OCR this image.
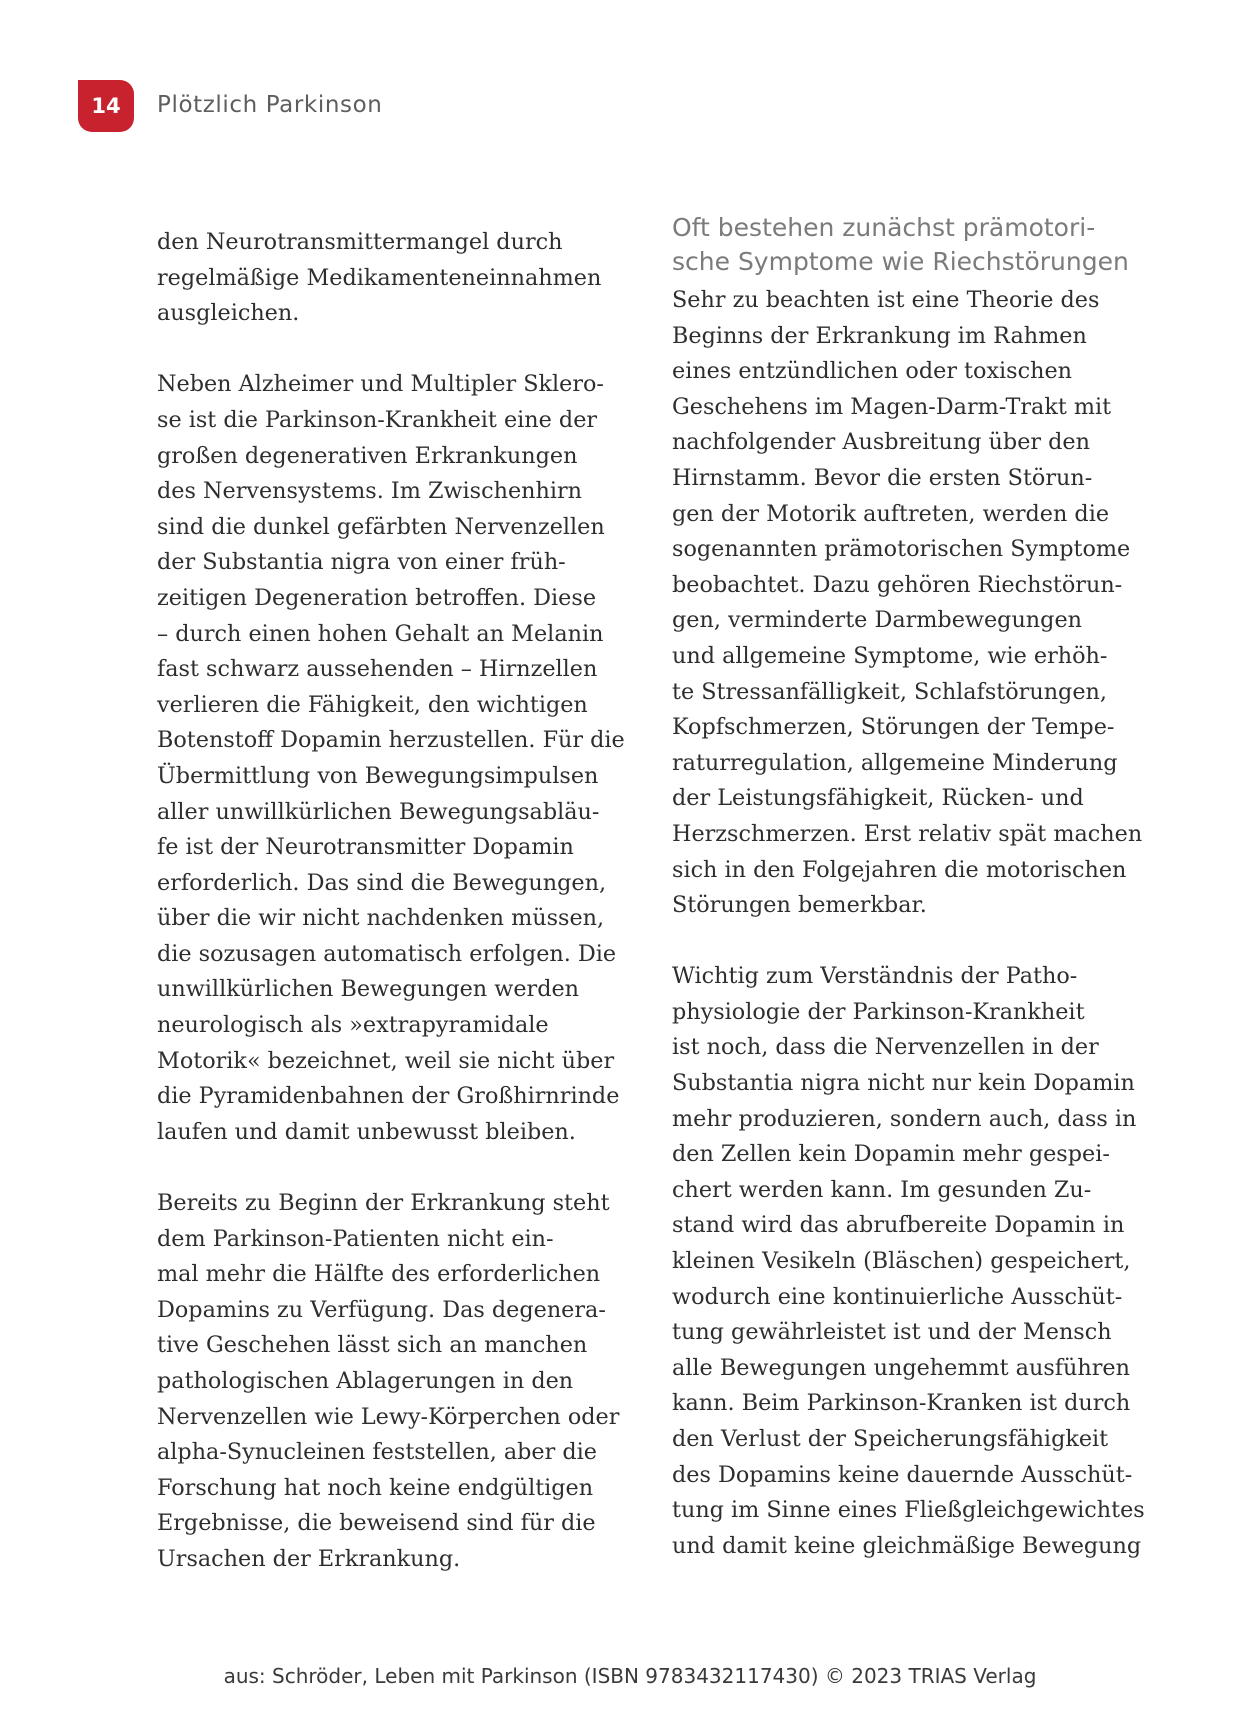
14	Plötzlich Parkinson
den Neurotransmittermangel durch
regelmäßige Medikamenteneinnahmen
ausgleichen.
Neben Alzheimer und Multipler Sklero-
se ist die Parkinson-Krankheit eine der
großen degenerativen Erkrankungen
des Nervensystems. Im Zwischenhirn
sind die dunkel gefärbten Nervenzellen
der Substantia nigra von einer früh-
zeitigen Degeneration betroffen. Diese
– durch einen hohen Gehalt an Melanin
fast schwarz aussehenden – Hirnzellen
verlieren die Fähigkeit, den wichtigen
Botenstoff Dopamin herzustellen. Für die
Übermittlung von Bewegungsimpulsen
aller unwillkürlichen Bewegungsabläu-
fe ist der Neurotransmitter Dopamin
erforderlich. Das sind die Bewegungen,
über die wir nicht nachdenken müssen,
die sozusagen automatisch erfolgen. Die
unwillkürlichen Bewegungen werden
neurologisch als »extrapyramidale
Motorik« bezeichnet, weil sie nicht über
die Pyramidenbahnen der Großhirnrinde
laufen und damit unbewusst bleiben.
Bereits zu Beginn der Erkrankung steht
dem Parkinson-Patienten nicht ein-
mal mehr die Hälfte des erforderlichen
Dopamins zu Verfügung. Das degenera-
tive Geschehen lässt sich an manchen
pathologischen Ablagerungen in den
Nervenzellen wie Lewy-Körperchen oder
alpha-Synucleinen feststellen, aber die
Forschung hat noch keine endgültigen
Ergebnisse, die beweisend sind für die
Ursachen der Erkrankung.
Oft bestehen zunächst prämotori-
sche Symptome wie Riechstörungen
Sehr zu beachten ist eine Theorie des
Beginns der Erkrankung im Rahmen
eines entzündlichen oder toxischen
Geschehens im Magen-Darm-Trakt mit
nachfolgender Ausbreitung über den
Hirnstamm. Bevor die ersten Störun-
gen der Motorik auftreten, werden die
sogenannten prämotorischen Symptome
beobachtet. Dazu gehören Riechstörun-
gen, verminderte Darmbewegungen
und allgemeine Symptome, wie erhöh-
te Stressanfälligkeit, Schlafstörungen,
Kopfschmerzen, Störungen der Tempe-
raturregulation, allgemeine Minderung
der Leistungsfähigkeit, Rücken- und
Herzschmerzen. Erst relativ spät machen
sich in den Folgejahren die motorischen
Störungen bemerkbar.
Wichtig zum Verständnis der Patho-
physiologie der Parkinson-Krankheit
ist noch, dass die Nervenzellen in der
Substantia nigra nicht nur kein Dopamin
mehr produzieren, sondern auch, dass in
den Zellen kein Dopamin mehr gespei-
chert werden kann. Im gesunden Zu-
stand wird das abrufbereite Dopamin in
kleinen Vesikeln (Bläschen) gespeichert,
wodurch eine kontinuierliche Ausschüt-
tung gewährleistet ist und der Mensch
alle Bewegungen ungehemmt ausführen
kann. Beim Parkinson-Kranken ist durch
den Verlust der Speicherungsfähigkeit
des Dopamins keine dauernde Ausschüt-
tung im Sinne eines Fließgleichgewichtes
und damit keine gleichmäßige Bewegung
aus: Schröder, Leben mit Parkinson (ISBN 9783432117430) © 2023 TRIAS Verlag
